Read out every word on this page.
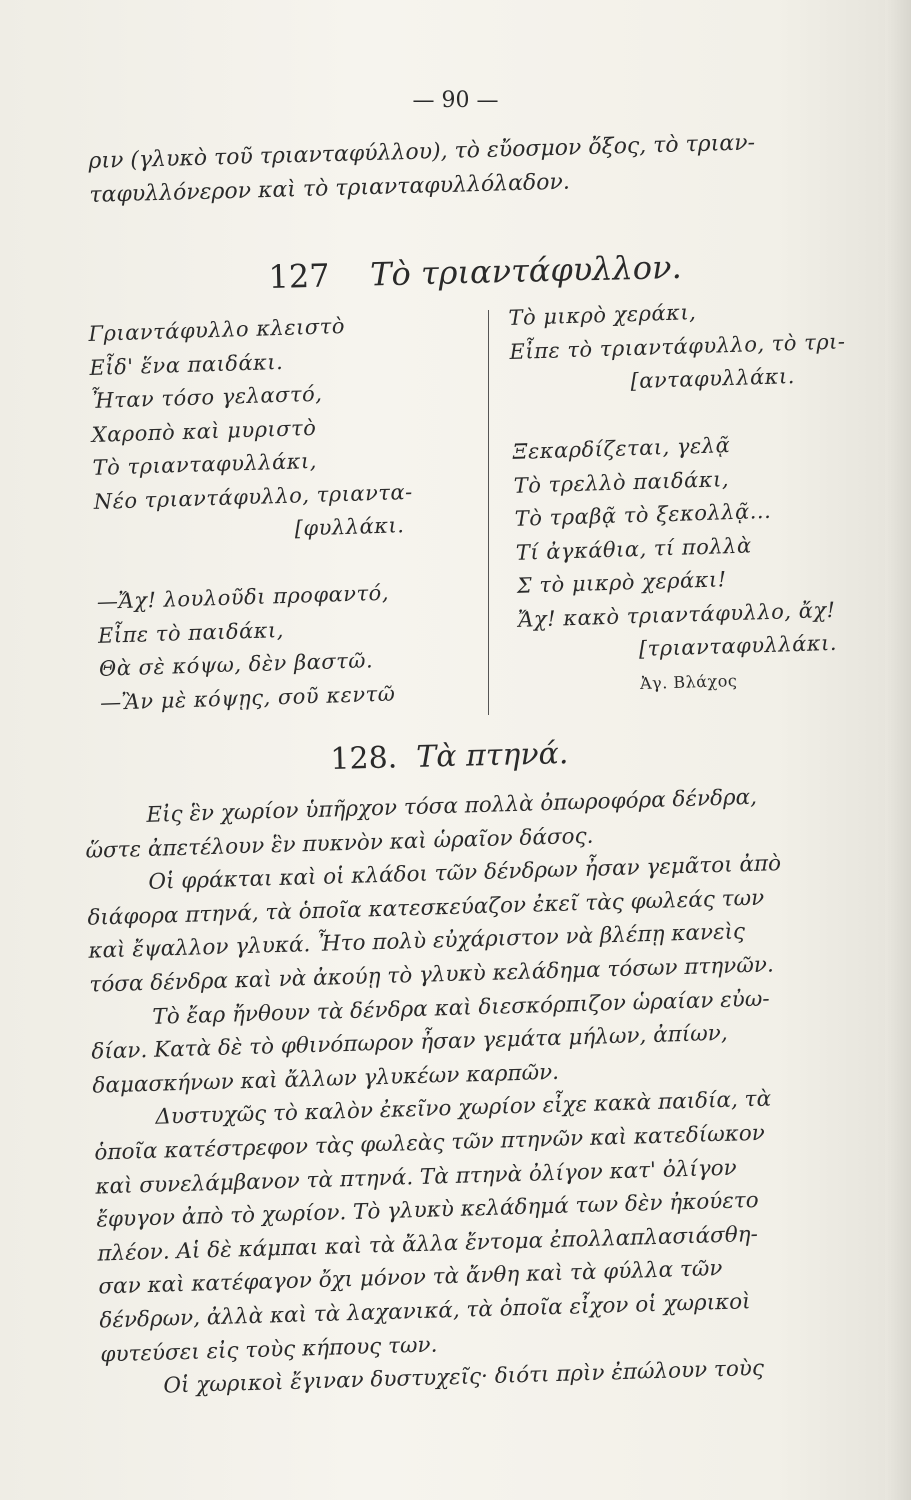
— 90 —
ριν (γλυκὸ τοῦ τριανταφύλλου), τὸ εὔοσμον ὄξος, τὸ τριαν-
ταφυλλόνερον καὶ τὸ τριανταφυλλόλαδον.
127 Τὸ τριαντάφυλλον.
Γριαντάφυλλο κλειστὸ
Εἶδ' ἕνα παιδάκι.
Ἦταν τόσο γελαστό,
Χαροπὸ καὶ μυριστὸ
Τὸ τριανταφυλλάκι,
Νέο τριαντάφυλλο, τριαντα-
[φυλλάκι.
—Ἄχ! λουλοῦδι προφαντό,
Εἶπε τὸ παιδάκι,
Θὰ σὲ κόψω, δὲν βαστῶ.
—Ἂν μὲ κόψῃς, σοῦ κεντῶ
Τὸ μικρὸ χεράκι,
Εἶπε τὸ τριαντάφυλλο, τὸ τρι-
[ανταφυλλάκι.
Ξεκαρδίζεται, γελᾷ
Τὸ τρελλὸ παιδάκι,
Τὸ τραβᾷ τὸ ξεκολλᾷ...
Τί ἀγκάθια, τί πολλὰ
Σ τὸ μικρὸ χεράκι!
Ἄχ! κακὸ τριαντάφυλλο, ἄχ!
[τριανταφυλλάκι.
Ἀγ. Βλάχος
128. Τὰ πτηνά.

Εἰς ἓν χωρίον ὑπῆρχον τόσα πολλὰ ὀπωροφόρα δένδρα,

ὥστε ἀπετέλουν ἓν πυκνὸν καὶ ὡραῖον δάσος.

Οἱ φράκται καὶ οἱ κλάδοι τῶν δένδρων ἦσαν γεμᾶτοι ἀπὸ

διάφορα πτηνά, τὰ ὁποῖα κατεσκεύαζον ἐκεῖ τὰς φωλεάς των

καὶ ἔψαλλον γλυκά. Ἦτο πολὺ εὐχάριστον νὰ βλέπῃ κανεὶς

τόσα δένδρα καὶ νὰ ἀκούῃ τὸ γλυκὺ κελάδημα τόσων πτηνῶν.

Τὸ ἔαρ ἤνθουν τὰ δένδρα καὶ διεσκόρπιζον ὡραίαν εὐω-

δίαν. Κατὰ δὲ τὸ φθινόπωρον ἦσαν γεμάτα μήλων, ἀπίων,

δαμασκήνων καὶ ἄλλων γλυκέων καρπῶν.

Δυστυχῶς τὸ καλὸν ἐκεῖνο χωρίον εἶχε κακὰ παιδία, τὰ

ὁποῖα κατέστρεφον τὰς φωλεὰς τῶν πτηνῶν καὶ κατεδίωκον

καὶ συνελάμβανον τὰ πτηνά. Τὰ πτηνὰ ὀλίγον κατ' ὀλίγον

ἔφυγον ἀπὸ τὸ χωρίον. Τὸ γλυκὺ κελάδημά των δὲν ἠκούετο

πλέον. Αἱ δὲ κάμπαι καὶ τὰ ἄλλα ἔντομα ἐπολλαπλασιάσθη-

σαν καὶ κατέφαγον ὄχι μόνον τὰ ἄνθη καὶ τὰ φύλλα τῶν

δένδρων, ἀλλὰ καὶ τὰ λαχανικά, τὰ ὁποῖα εἶχον οἱ χωρικοὶ

φυτεύσει εἰς τοὺς κήπους των.

Οἱ χωρικοὶ ἔγιναν δυστυχεῖς· διότι πρὶν ἐπώλουν τοὺς
